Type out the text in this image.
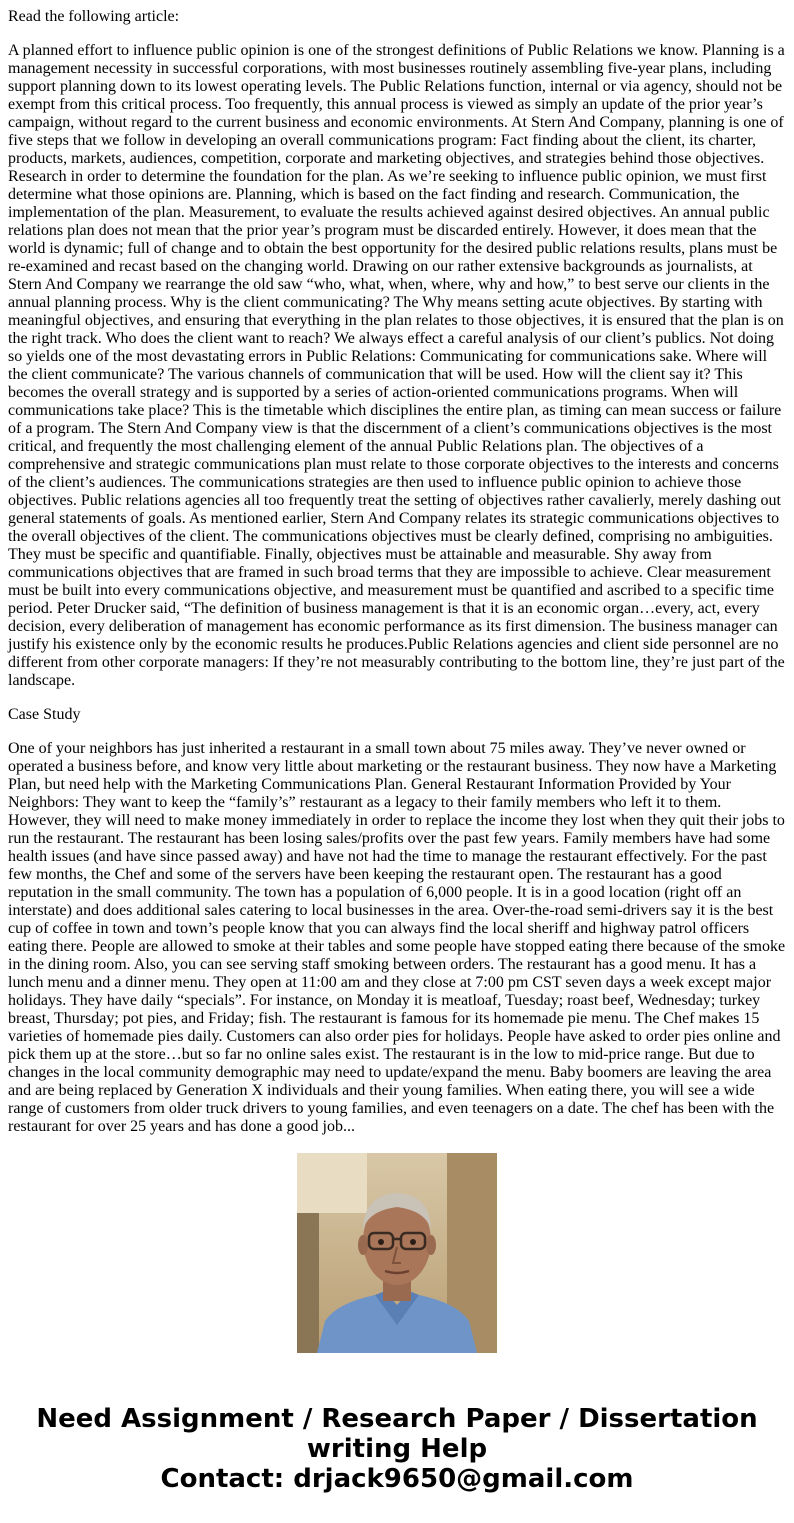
Read the following article:

A planned effort to influence public opinion is one of the strongest definitions of Public Relations we know. Planning is a management necessity in successful corporations, with most businesses routinely assembling five-year plans, including support planning down to its lowest operating levels. The Public Relations function, internal or via agency, should not be exempt from this critical process. Too frequently, this annual process is viewed as simply an update of the prior year’s campaign, without regard to the current business and economic environments. At Stern And Company, planning is one of five steps that we follow in developing an overall communications program: Fact finding about the client, its charter, products, markets, audiences, competition, corporate and marketing objectives, and strategies behind those objectives. Research in order to determine the foundation for the plan. As we’re seeking to influence public opinion, we must first determine what those opinions are. Planning, which is based on the fact finding and research. Communication, the implementation of the plan. Measurement, to evaluate the results achieved against desired objectives. An annual public relations plan does not mean that the prior year’s program must be discarded entirely. However, it does mean that the world is dynamic; full of change and to obtain the best opportunity for the desired public relations results, plans must be re-examined and recast based on the changing world. Drawing on our rather extensive backgrounds as journalists, at Stern And Company we rearrange the old saw “who, what, when, where, why and how,” to best serve our clients in the annual planning process. Why is the client communicating? The Why means setting acute objectives. By starting with meaningful objectives, and ensuring that everything in the plan relates to those objectives, it is ensured that the plan is on the right track. Who does the client want to reach? We always effect a careful analysis of our client’s publics. Not doing so yields one of the most devastating errors in Public Relations: Communicating for communications sake. Where will the client communicate? The various channels of communication that will be used. How will the client say it? This becomes the overall strategy and is supported by a series of action-oriented communications programs. When will communications take place? This is the timetable which disciplines the entire plan, as timing can mean success or failure of a program. The Stern And Company view is that the discernment of a client’s communications objectives is the most critical, and frequently the most challenging element of the annual Public Relations plan. The objectives of a comprehensive and strategic communications plan must relate to those corporate objectives to the interests and concerns of the client’s audiences. The communications strategies are then used to influence public opinion to achieve those objectives. Public relations agencies all too frequently treat the setting of objectives rather cavalierly, merely dashing out general statements of goals. As mentioned earlier, Stern And Company relates its strategic communications objectives to the overall objectives of the client. The communications objectives must be clearly defined, comprising no ambiguities. They must be specific and quantifiable. Finally, objectives must be attainable and measurable. Shy away from communications objectives that are framed in such broad terms that they are impossible to achieve. Clear measurement must be built into every communications objective, and measurement must be quantified and ascribed to a specific time period. Peter Drucker said, “The definition of business management is that it is an economic organ…every, act, every decision, every deliberation of management has economic performance as its first dimension. The business manager can justify his existence only by the economic results he produces.Public Relations agencies and client side personnel are no different from other corporate managers: If they’re not measurably contributing to the bottom line, they’re just part of the landscape.

Case Study

One of your neighbors has just inherited a restaurant in a small town about 75 miles away. They’ve never owned or operated a business before, and know very little about marketing or the restaurant business. They now have a Marketing Plan, but need help with the Marketing Communications Plan. General Restaurant Information Provided by Your Neighbors: They want to keep the “family’s” restaurant as a legacy to their family members who left it to them. However, they will need to make money immediately in order to replace the income they lost when they quit their jobs to run the restaurant. The restaurant has been losing sales/profits over the past few years. Family members have had some health issues (and have since passed away) and have not had the time to manage the restaurant effectively. For the past few months, the Chef and some of the servers have been keeping the restaurant open. The restaurant has a good reputation in the small community. The town has a population of 6,000 people. It is in a good location (right off an interstate) and does additional sales catering to local businesses in the area. Over-the-road semi-drivers say it is the best cup of coffee in town and town’s people know that you can always find the local sheriff and highway patrol officers eating there. People are allowed to smoke at their tables and some people have stopped eating there because of the smoke in the dining room. Also, you can see serving staff smoking between orders. The restaurant has a good menu. It has a lunch menu and a dinner menu. They open at 11:00 am and they close at 7:00 pm CST seven days a week except major holidays. They have daily “specials”. For instance, on Monday it is meatloaf, Tuesday; roast beef, Wednesday; turkey breast, Thursday; pot pies, and Friday; fish. The restaurant is famous for its homemade pie menu. The Chef makes 15 varieties of homemade pies daily. Customers can also order pies for holidays. People have asked to order pies online and pick them up at the store…but so far no online sales exist. The restaurant is in the low to mid-price range. But due to changes in the local community demographic may need to update/expand the menu. Baby boomers are leaving the area and are being replaced by Generation X individuals and their young families. When eating there, you will see a wide range of customers from older truck drivers to young families, and even teenagers on a date. The chef has been with the restaurant for over 25 years and has done a good job...

Need Assignment / Research Paper / Dissertation
writing Help
Contact: drjack9650@gmail.com
